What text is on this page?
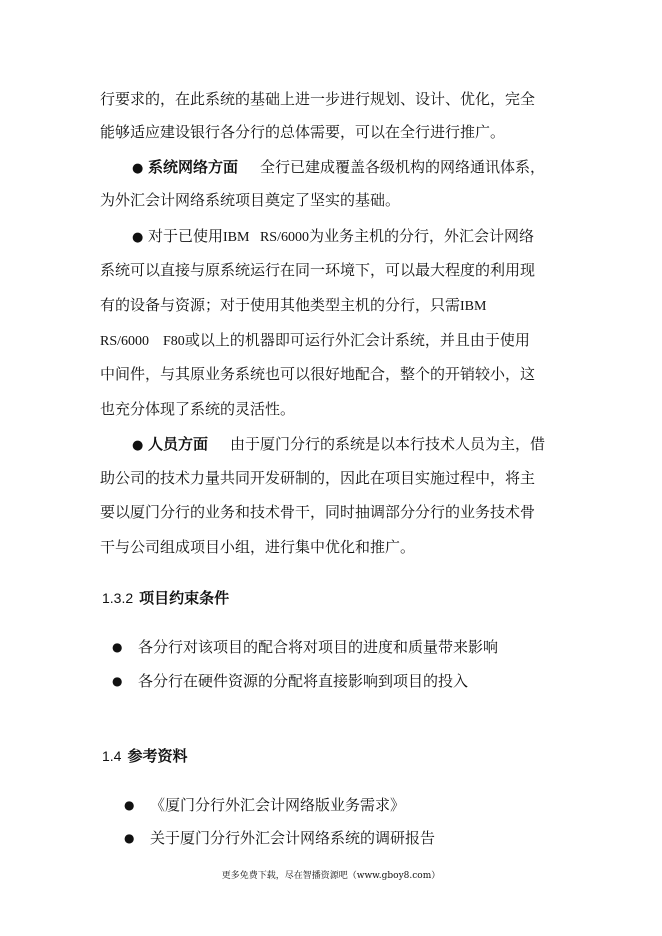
行要求的，在此系统的基础上进一步进行规划、设计、优化，完全
能够适应建设银行各分行的总体需要，可以在全行进行推广。
● 系统网络方面 全行已建成覆盖各级机构的网络通讯体系，
为外汇会计网络系统项目奠定了坚实的基础。
● 对于已使用IBM   RS/6000为业务主机的分行，外汇会计网络
系统可以直接与原系统运行在同一环境下，可以最大程度的利用现
有的设备与资源；对于使用其他类型主机的分行，只需IBM
RS/6000    F80或以上的机器即可运行外汇会计系统，并且由于使用
中间件，与其原业务系统也可以很好地配合，整个的开销较小，这
也充分体现了系统的灵活性。
● 人员方面 由于厦门分行的系统是以本行技术人员为主，借
助公司的技术力量共同开发研制的，因此在项目实施过程中，将主
要以厦门分行的业务和技术骨干，同时抽调部分分行的业务技术骨
干与公司组成项目小组，进行集中优化和推广。
1.3.2 项目约束条件
● 各分行对该项目的配合将对项目的进度和质量带来影响
● 各分行在硬件资源的分配将直接影响到项目的投入
1.4 参考资料
● 《厦门分行外汇会计网络版业务需求》
● 关于厦门分行外汇会计网络系统的调研报告
更多免费下载，尽在智播资源吧（www.gboy8.com）
